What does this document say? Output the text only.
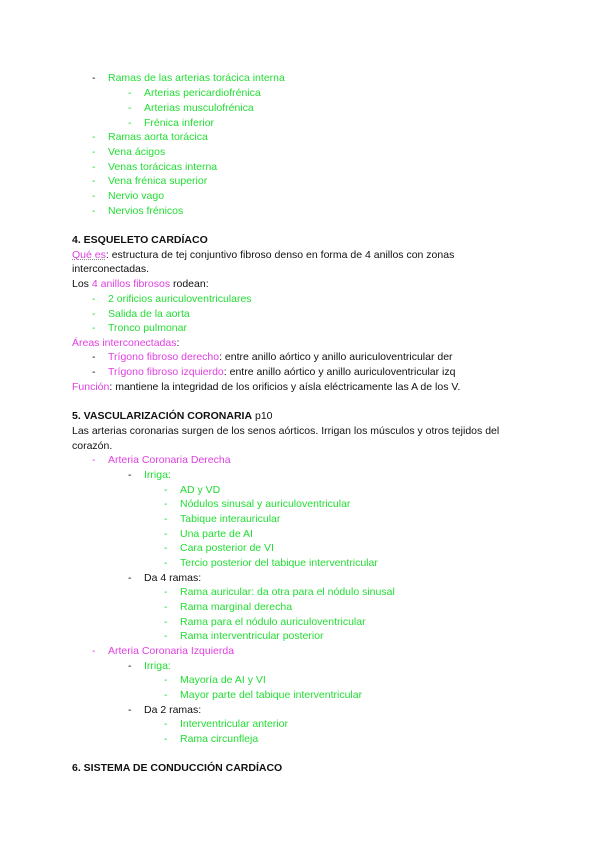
- Ramas de las arterias torácica interna
- Arterias pericardiofrénica
- Arterias musculofrénica
- Frénica inferior
- Ramas aorta torácica
- Vena ácigos
- Venas torácicas interna
- Vena frénica superior
- Nervio vago
- Nervios frénicos
4. ESQUELETO CARDÍACO
Qué es: estructura de tej conjuntivo fibroso denso en forma de 4 anillos con zonas
interconectadas.
Los 4 anillos fibrosos rodean:
- 2 orificios auriculoventriculares
- Salida de la aorta
- Tronco pulmonar
Áreas interconectadas:
- Trígono fibroso derecho: entre anillo aórtico y anillo auriculoventricular der
- Trígono fibroso izquierdo: entre anillo aórtico y anillo auriculoventricular izq
Función: mantiene la integridad de los orificios y aísla eléctricamente las A de los V.
5. VASCULARIZACIÓN CORONARIA p10
Las arterias coronarias surgen de los senos aórticos. Irrigan los músculos y otros tejidos del
corazón.
- Arteria Coronaria Derecha
- Irriga:
- AD y VD
- Nódulos sinusal y auriculoventricular
- Tabique interauricular
- Una parte de AI
- Cara posterior de VI
- Tercio posterior del tabique interventricular
- Da 4 ramas:
- Rama auricular: da otra para el nódulo sinusal
- Rama marginal derecha
- Rama para el nódulo auriculoventricular
- Rama interventricular posterior
- Arteria Coronaria Izquierda
- Irriga:
- Mayoría de AI y VI
- Mayor parte del tabique interventricular
- Da 2 ramas:
- Interventricular anterior
- Rama circunfleja
6. SISTEMA DE CONDUCCIÓN CARDÍACO
